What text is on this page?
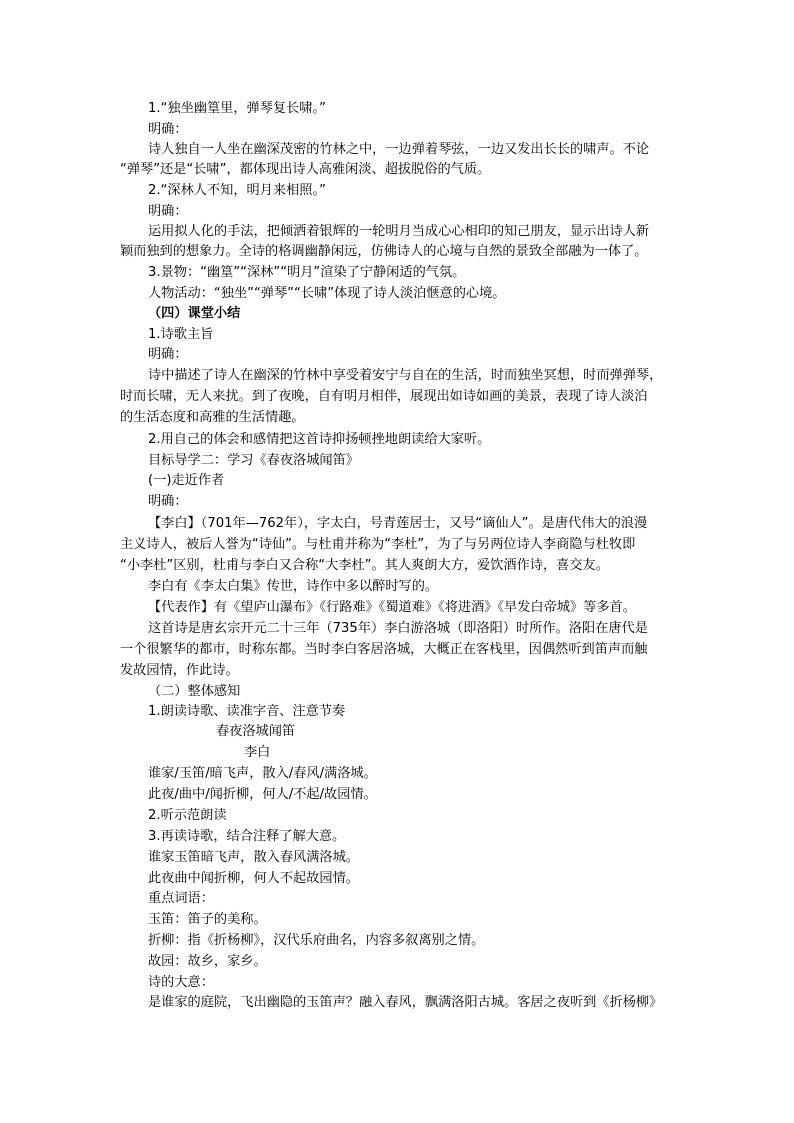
1.“独坐幽篁里，弹琴复长啸。”
明确：
诗人独自一人坐在幽深茂密的竹林之中，一边弹着琴弦，一边又发出长长的啸声。不论
“弹琴”还是“长啸”，都体现出诗人高雅闲淡、超拔脱俗的气质。
2.“深林人不知，明月来相照。”
明确：
运用拟人化的手法，把倾洒着银辉的一轮明月当成心心相印的知己朋友，显示出诗人新
颖而独到的想象力。全诗的格调幽静闲远，仿佛诗人的心境与自然的景致全部融为一体了。
3.景物：“幽篁”“深林”“明月”渲染了宁静闲适的气氛。
人物活动：“独坐”“弹琴”“长啸”体现了诗人淡泊惬意的心境。
（四）课堂小结
1.诗歌主旨
明确：
诗中描述了诗人在幽深的竹林中享受着安宁与自在的生活，时而独坐冥想，时而弹弹琴，
时而长啸，无人来扰。到了夜晚，自有明月相伴，展现出如诗如画的美景，表现了诗人淡泊
的生活态度和高雅的生活情趣。
2.用自己的体会和感情把这首诗抑扬顿挫地朗读给大家听。
目标导学二：学习《春夜洛城闻笛》
(一)走近作者
明确：
【李白】（701年—762年），字太白，号青莲居士，又号“谪仙人”。是唐代伟大的浪漫
主义诗人，被后人誉为“诗仙”。与杜甫并称为“李杜”，为了与另两位诗人李商隐与杜牧即
“小李杜”区别，杜甫与李白又合称“大李杜”。其人爽朗大方，爱饮酒作诗，喜交友。
李白有《李太白集》传世，诗作中多以醉时写的。
【代表作】有《望庐山瀑布》《行路难》《蜀道难》《将进酒》《早发白帝城》等多首。
这首诗是唐玄宗开元二十三年（735年）李白游洛城（即洛阳）时所作。洛阳在唐代是
一个很繁华的都市，时称东都。当时李白客居洛城，大概正在客栈里，因偶然听到笛声而触
发故园情，作此诗。
（二）整体感知
1.朗读诗歌、读准字音、注意节奏
春夜洛城闻笛
李白
谁家/玉笛/暗飞声，散入/春风/满洛城。
此夜/曲中/闻折柳，何人/不起/故园情。
2.听示范朗读
3.再读诗歌，结合注释了解大意。
谁家玉笛暗飞声，散入春风满洛城。
此夜曲中闻折柳，何人不起故园情。
重点词语：
玉笛：笛子的美称。
折柳：指《折杨柳》，汉代乐府曲名，内容多叙离别之情。
故园：故乡，家乡。
诗的大意：
是谁家的庭院，飞出幽隐的玉笛声？融入春风，飘满洛阳古城。客居之夜听到《折杨柳》
